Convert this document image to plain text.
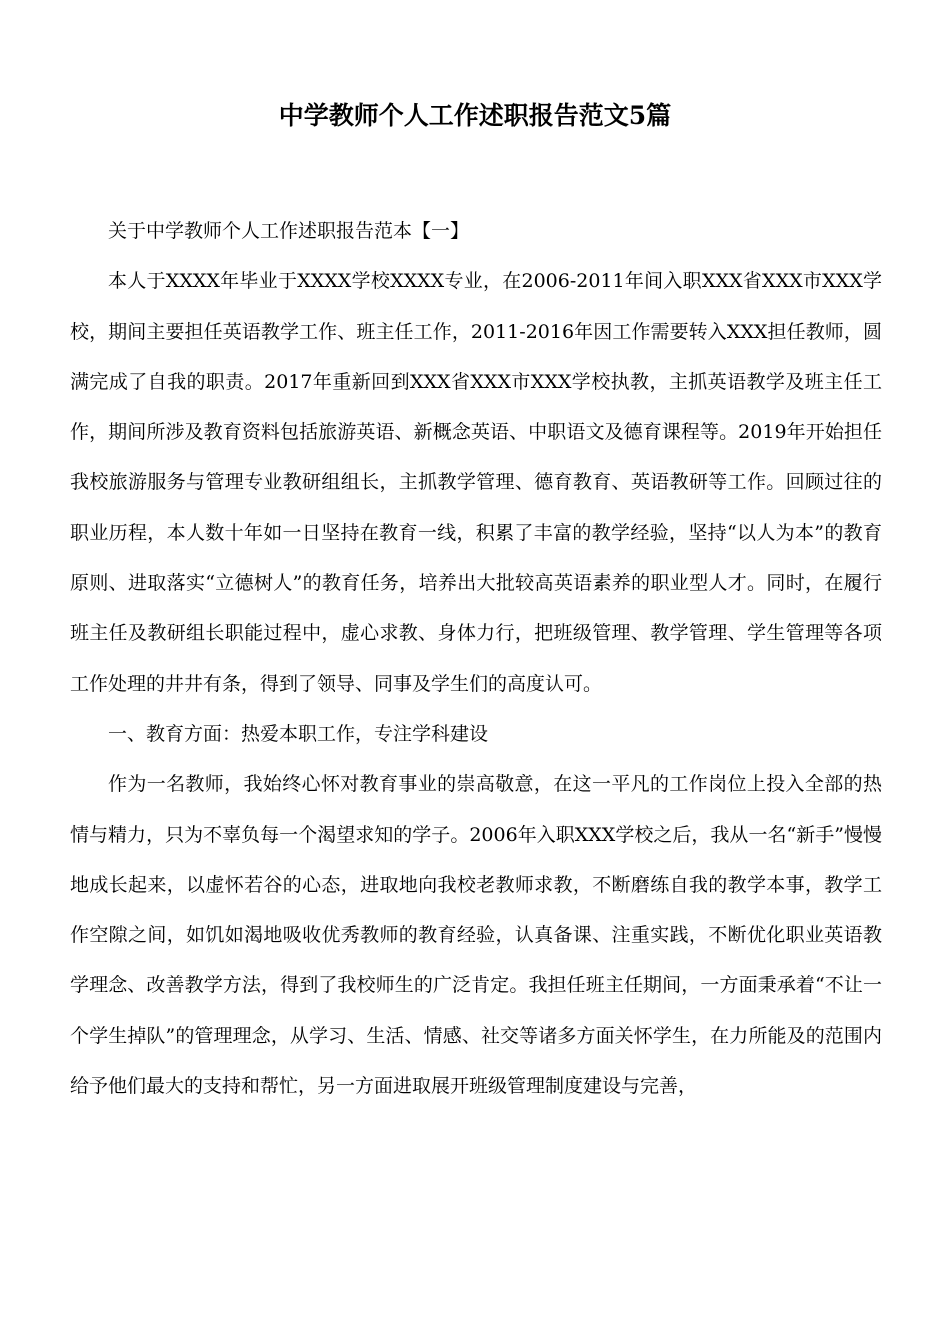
中学教师个人工作述职报告范文5篇

关于中学教师个人工作述职报告范本【一】

本人于XXXX年毕业于XXXX学校XXXX专业，在2006-2011年间入职XXX省XXX市XXX学校，期间主要担任英语教学工作、班主任工作，2011-2016年因工作需要转入XXX担任教师，圆满完成了自我的职责。2017年重新回到XXX省XXX市XXX学校执教，主抓英语教学及班主任工作，期间所涉及教育资料包括旅游英语、新概念英语、中职语文及德育课程等。2019年开始担任我校旅游服务与管理专业教研组组长，主抓教学管理、德育教育、英语教研等工作。回顾过往的职业历程，本人数十年如一日坚持在教育一线，积累了丰富的教学经验，坚持“以人为本”的教育原则、进取落实“立德树人”的教育任务，培养出大批较高英语素养的职业型人才。同时，在履行班主任及教研组长职能过程中，虚心求教、身体力行，把班级管理、教学管理、学生管理等各项工作处理的井井有条，得到了领导、同事及学生们的高度认可。

一、教育方面：热爱本职工作，专注学科建设

作为一名教师，我始终心怀对教育事业的崇高敬意，在这一平凡的工作岗位上投入全部的热情与精力，只为不辜负每一个渴望求知的学子。2006年入职XXX学校之后，我从一名“新手”慢慢地成长起来，以虚怀若谷的心态，进取地向我校老教师求教，不断磨练自我的教学本事，教学工作空隙之间，如饥如渴地吸收优秀教师的教育经验，认真备课、注重实践，不断优化职业英语教学理念、改善教学方法，得到了我校师生的广泛肯定。我担任班主任期间，一方面秉承着“不让一个学生掉队”的管理理念，从学习、生活、情感、社交等诸多方面关怀学生，在力所能及的范围内给予他们最大的支持和帮忙，另一方面进取展开班级管理制度建设与完善，
